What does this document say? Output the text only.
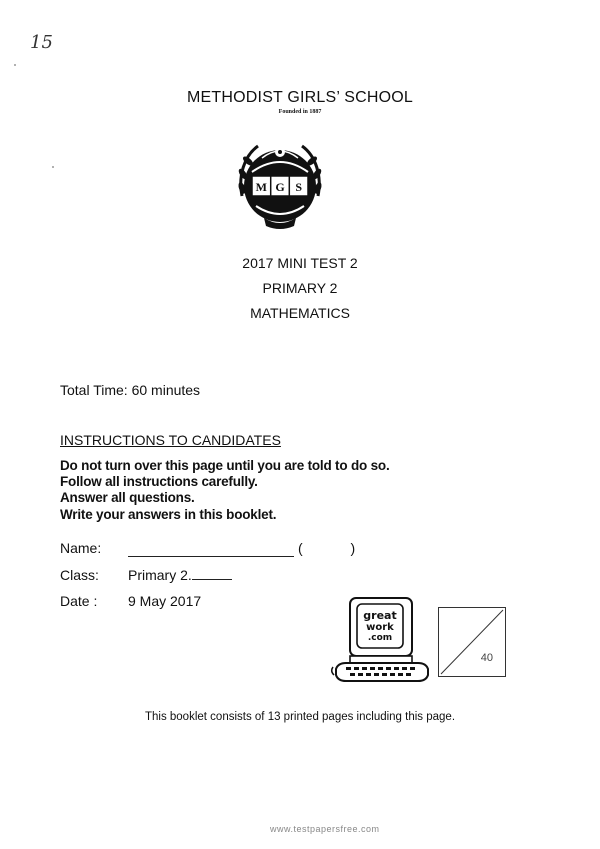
15
METHODIST GIRLS’ SCHOOL
Founded in 1887
M G S
2017 MINI TEST 2
PRIMARY 2
MATHEMATICS
Total Time: 60 minutes
INSTRUCTIONS TO CANDIDATES
Do not turn over this page until you are told to do so.
Follow all instructions carefully.
Answer all questions.
Write your answers in this booklet.
Name:	( )
Class: Primary 2.
Date : 9 May 2017
great
work
.com
40
This booklet consists of 13 printed pages including this page.
www.testpapersfree.com
